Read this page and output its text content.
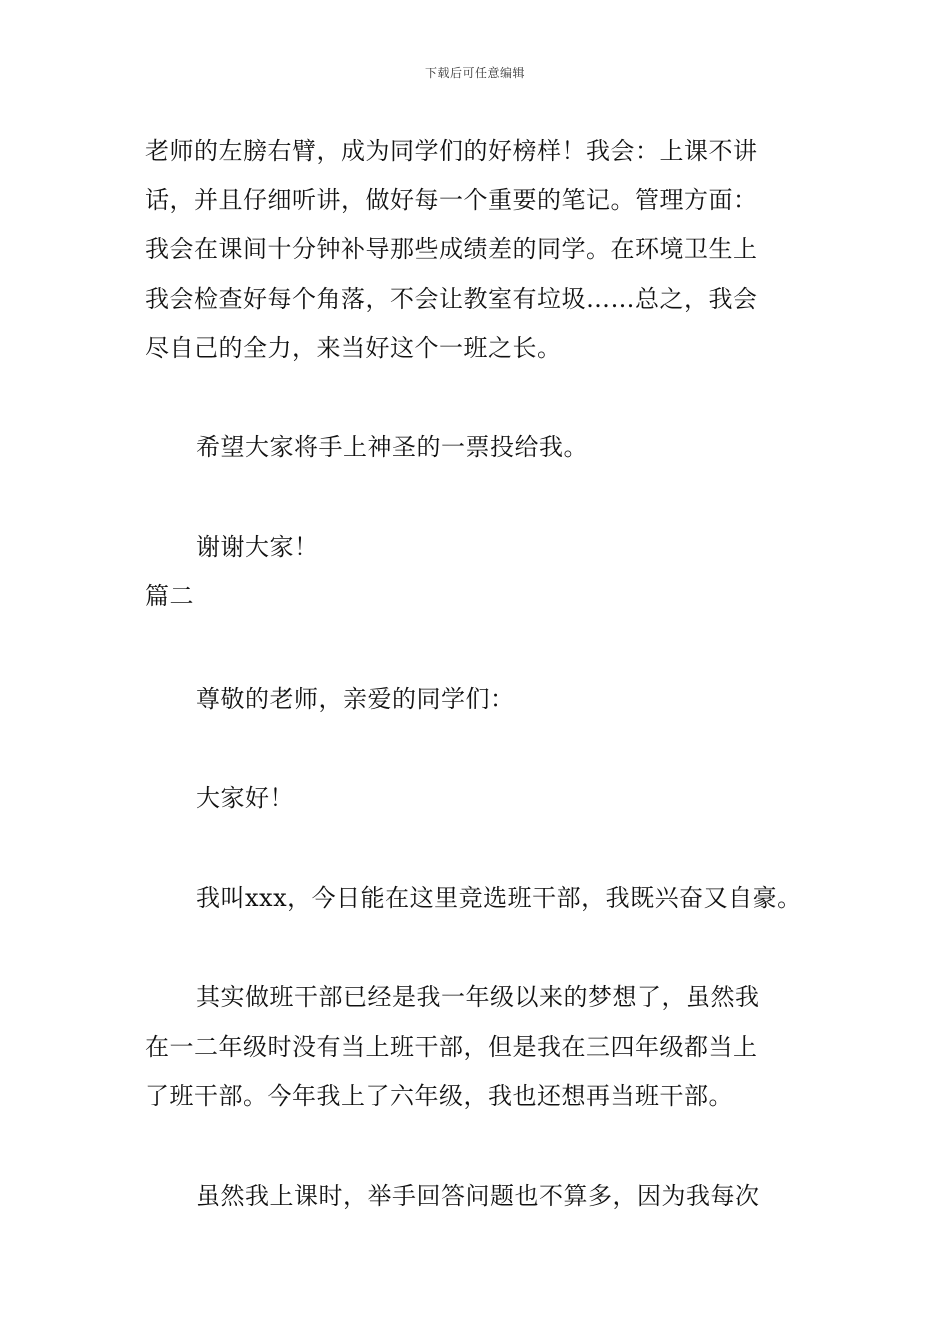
下载后可任意编辑
老师的左膀右臂，成为同学们的好榜样！我会：上课不讲
话，并且仔细听讲，做好每一个重要的笔记。管理方面：
我会在课间十分钟补导那些成绩差的同学。在环境卫生上
我会检查好每个角落，不会让教室有垃圾……总之，我会
尽自己的全力，来当好这个一班之长。
希望大家将手上神圣的一票投给我。
谢谢大家！
篇二
尊敬的老师，亲爱的同学们：
大家好！
我叫xxx，今日能在这里竞选班干部，我既兴奋又自豪。
其实做班干部已经是我一年级以来的梦想了，虽然我
在一二年级时没有当上班干部，但是我在三四年级都当上
了班干部。今年我上了六年级，我也还想再当班干部。
虽然我上课时，举手回答问题也不算多，因为我每次
